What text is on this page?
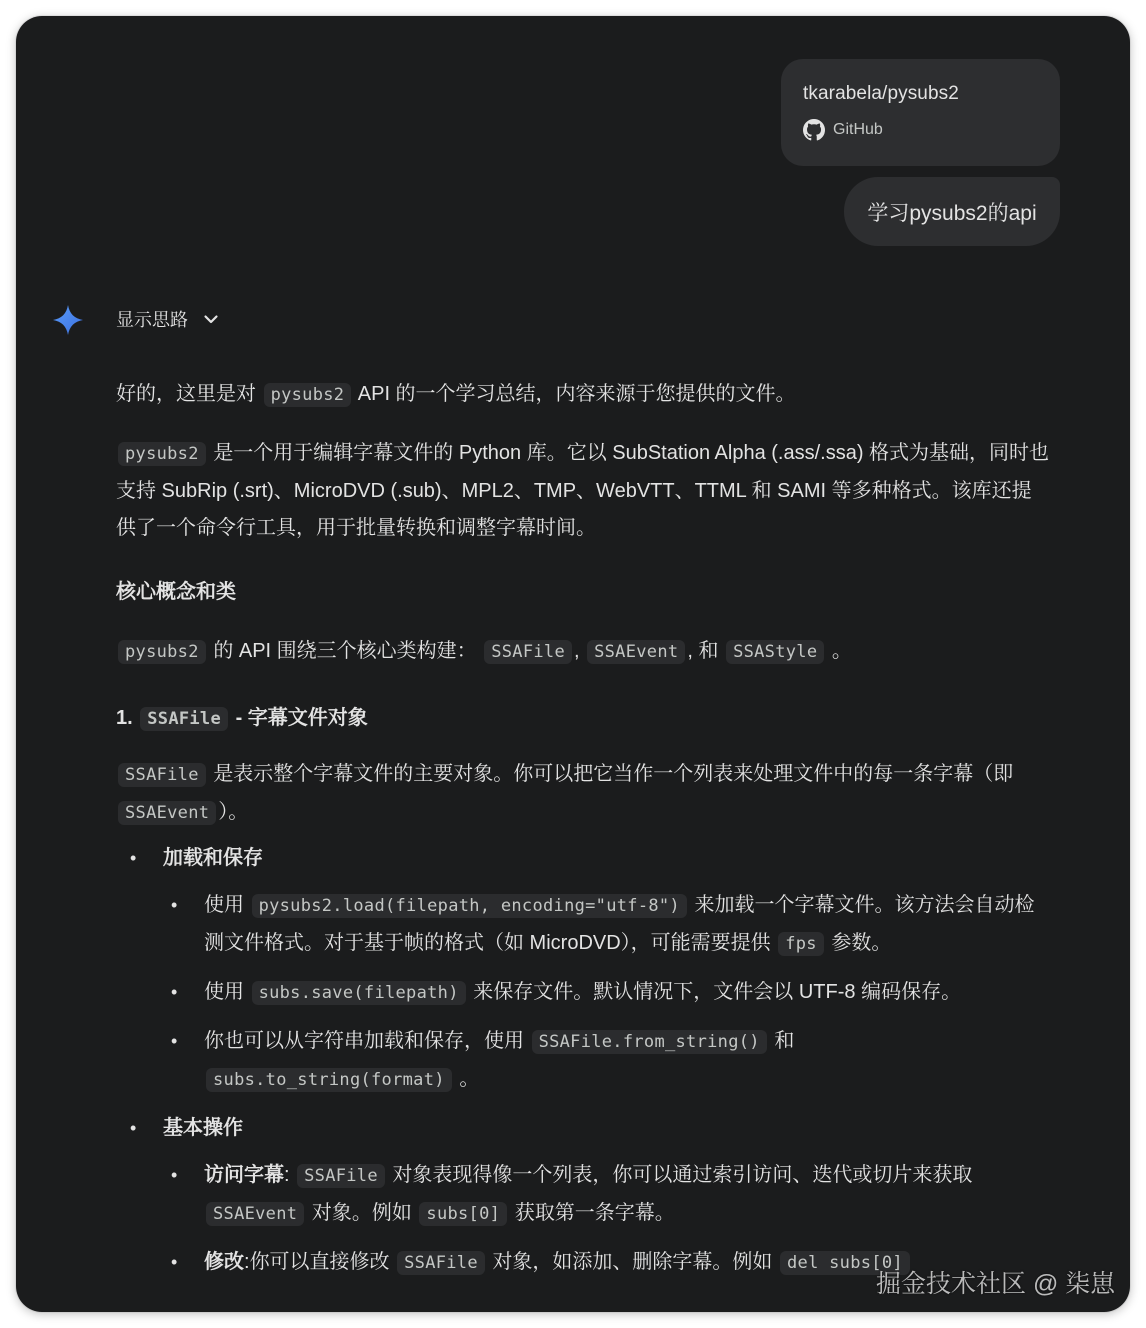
tkarabela/pysubs2
GitHub
学习pysubs2的api
显示思路
好的，这里是对 pysubs2 API 的一个学习总结，内容来源于您提供的文件。
pysubs2 是一个用于编辑字幕文件的 Python 库。它以 SubStation Alpha (.ass/.ssa) 格式为基础，同时也支持 SubRip (.srt)、MicroDVD (.sub)、MPL2、TMP、WebVTT、TTML 和 SAMI 等多种格式。该库还提供了一个命令行工具，用于批量转换和调整字幕时间。
核心概念和类
pysubs2 的 API 围绕三个核心类构建： SSAFile , SSAEvent , 和 SSAStyle 。
1. SSAFile - 字幕文件对象
SSAFile 是表示整个字幕文件的主要对象。你可以把它当作一个列表来处理文件中的每一条字幕（即 SSAEvent ）。
• 加载和保存
• 使用 pysubs2.load(filepath, encoding="utf-8") 来加载一个字幕文件。该方法会自动检测文件格式。对于基于帧的格式（如 MicroDVD），可能需要提供 fps 参数。
• 使用 subs.save(filepath) 来保存文件。默认情况下，文件会以 UTF-8 编码保存。
• 你也可以从字符串加载和保存，使用 SSAFile.from_string() 和 subs.to_string(format) 。
• 基本操作
• 访问字幕: SSAFile 对象表现得像一个列表，你可以通过索引访问、迭代或切片来获取 SSAEvent 对象。例如 subs[0] 获取第一条字幕。
• 修改:你可以直接修改 SSAFile 对象，如添加、删除字幕。例如 del subs[0]
掘金技术社区 @ 柒崽
